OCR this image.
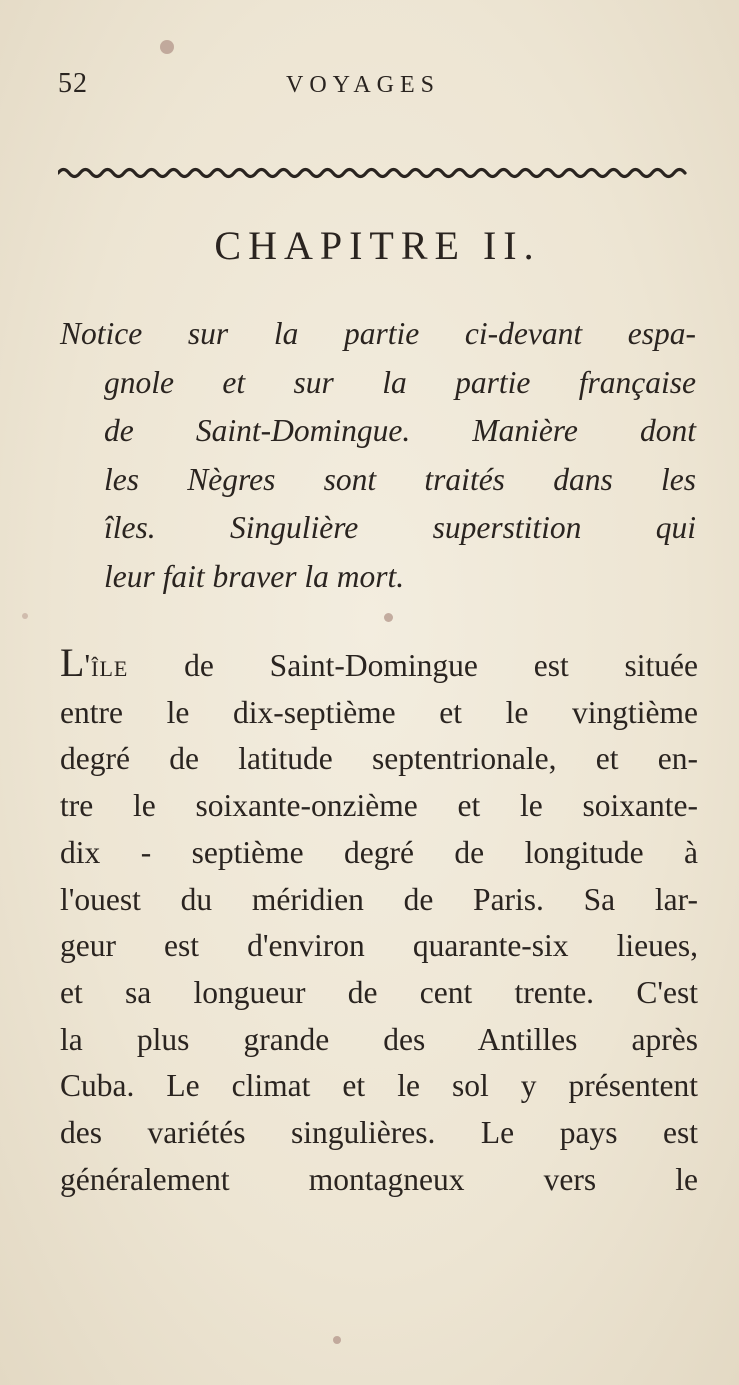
52	VOYAGES
CHAPITRE II.
Notice sur la partie ci-devant espa-
gnole et sur la partie française
de Saint-Domingue. Manière dont
les Nègres sont traités dans les
îles. Singulière superstition qui
leur fait braver la mort.
L'île de Saint-Domingue est située
entre le dix-septième et le vingtième
degré de latitude septentrionale, et en-
tre le soixante-onzième et le soixante-
dix - septième degré de longitude à
l'ouest du méridien de Paris. Sa lar-
geur est d'environ quarante-six lieues,
et sa longueur de cent trente. C'est
la plus grande des Antilles après
Cuba. Le climat et le sol y présentent
des variétés singulières. Le pays est
généralement montagneux vers le
